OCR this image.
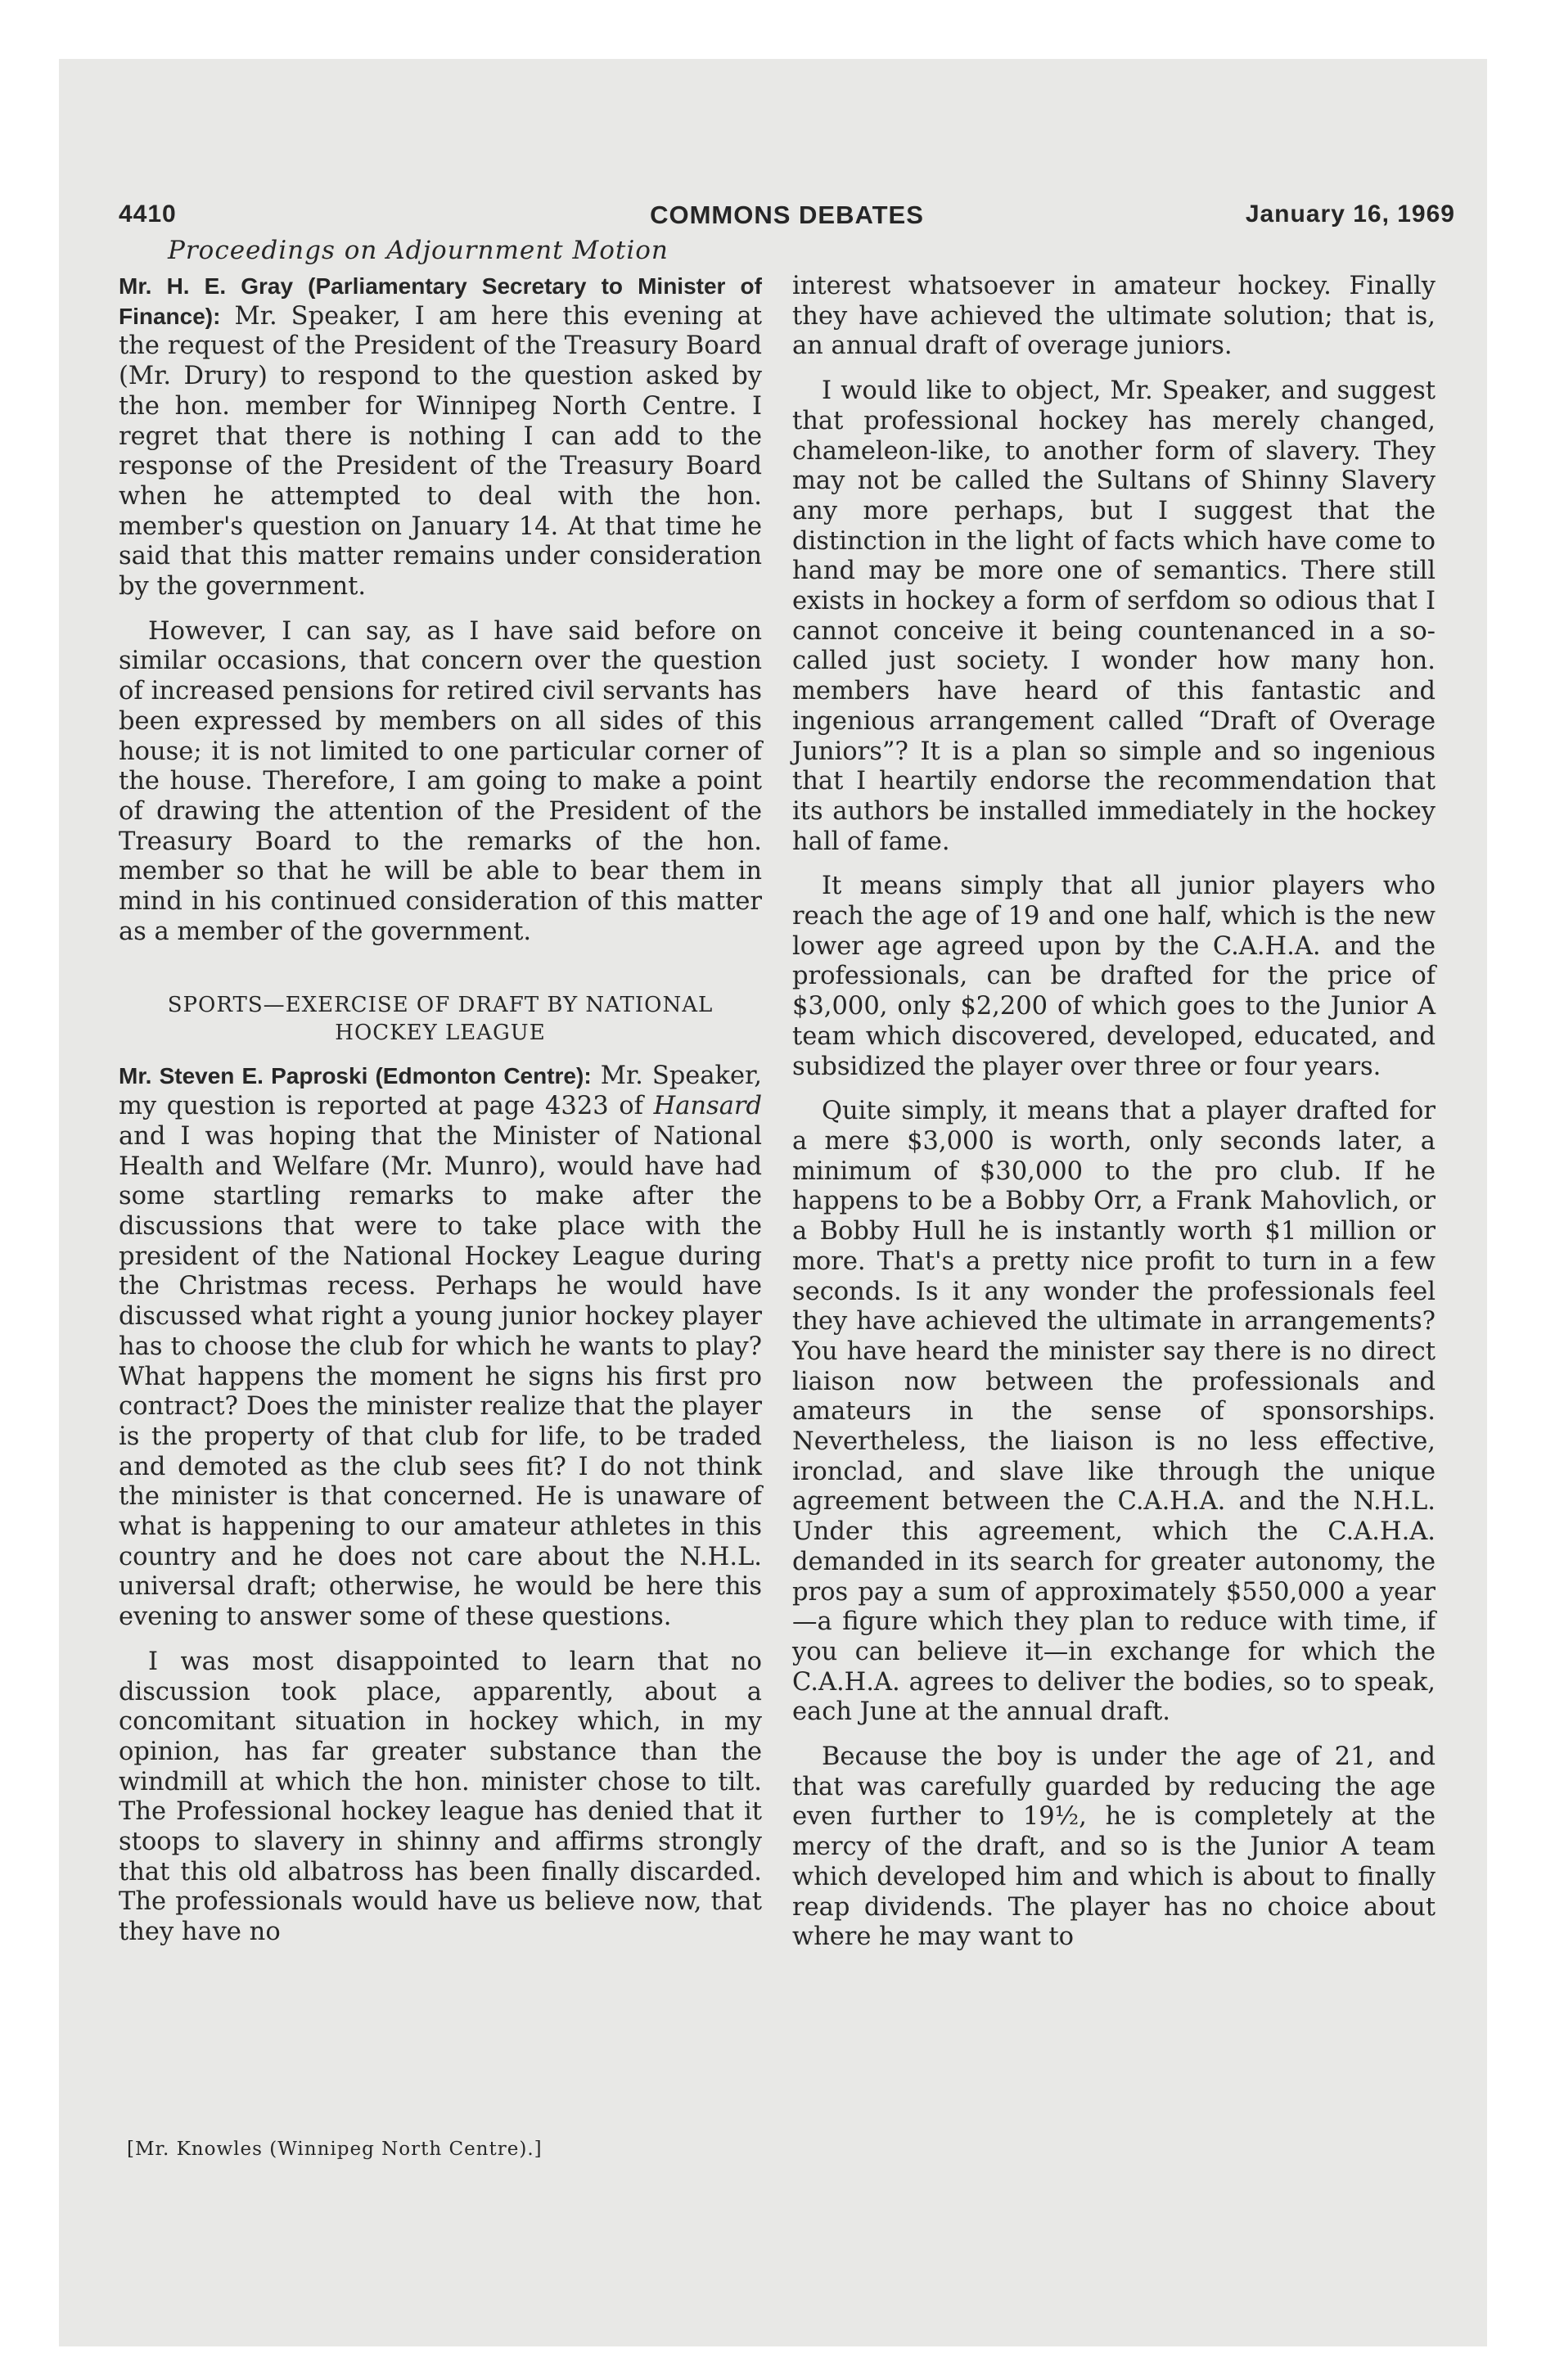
4410	COMMONS DEBATES	January 16, 1969
Proceedings on Adjournment Motion

Mr. H. E. Gray (Parliamentary Secretary to Minister of Finance): Mr. Speaker, I am here this evening at the request of the President of the Treasury Board (Mr. Drury) to respond to the question asked by the hon. member for Winnipeg North Centre. I regret that there is nothing I can add to the response of the President of the Treasury Board when he attempted to deal with the hon. member's question on January 14. At that time he said that this matter remains under consideration by the government.

However, I can say, as I have said before on similar occasions, that concern over the question of increased pensions for retired civil servants has been expressed by members on all sides of this house; it is not limited to one particular corner of the house. Therefore, I am going to make a point of drawing the attention of the President of the Treasury Board to the remarks of the hon. member so that he will be able to bear them in mind in his continued consideration of this matter as a member of the government.

SPORTS—EXERCISE OF DRAFT BY NATIONAL HOCKEY LEAGUE

Mr. Steven E. Paproski (Edmonton Centre): Mr. Speaker, my question is reported at page 4323 of Hansard and I was hoping that the Minister of National Health and Welfare (Mr. Munro), would have had some startling remarks to make after the discussions that were to take place with the president of the National Hockey League during the Christmas recess. Perhaps he would have discussed what right a young junior hockey player has to choose the club for which he wants to play? What happens the moment he signs his first pro contract? Does the minister realize that the player is the property of that club for life, to be traded and demoted as the club sees fit? I do not think the minister is that concerned. He is unaware of what is happening to our amateur athletes in this country and he does not care about the N.H.L. universal draft; otherwise, he would be here this evening to answer some of these questions.

I was most disappointed to learn that no discussion took place, apparently, about a concomitant situation in hockey which, in my opinion, has far greater substance than the windmill at which the hon. minister chose to tilt. The Professional hockey league has denied that it stoops to slavery in shinny and affirms strongly that this old albatross has been finally discarded. The professionals would have us believe now, that they have no

interest whatsoever in amateur hockey. Finally they have achieved the ultimate solution; that is, an annual draft of overage juniors.

I would like to object, Mr. Speaker, and suggest that professional hockey has merely changed, chameleon-like, to another form of slavery. They may not be called the Sultans of Shinny Slavery any more perhaps, but I suggest that the distinction in the light of facts which have come to hand may be more one of semantics. There still exists in hockey a form of serfdom so odious that I cannot conceive it being countenanced in a so-called just society. I wonder how many hon. members have heard of this fantastic and ingenious arrangement called “Draft of Overage Juniors”? It is a plan so simple and so ingenious that I heartily endorse the recommendation that its authors be installed immediately in the hockey hall of fame.

It means simply that all junior players who reach the age of 19 and one half, which is the new lower age agreed upon by the C.A.H.A. and the professionals, can be drafted for the price of $3,000, only $2,200 of which goes to the Junior A team which discovered, developed, educated, and subsidized the player over three or four years.

Quite simply, it means that a player drafted for a mere $3,000 is worth, only seconds later, a minimum of $30,000 to the pro club. If he happens to be a Bobby Orr, a Frank Mahovlich, or a Bobby Hull he is instantly worth $1 million or more. That's a pretty nice profit to turn in a few seconds. Is it any wonder the professionals feel they have achieved the ultimate in arrangements? You have heard the minister say there is no direct liaison now between the professionals and amateurs in the sense of sponsorships. Nevertheless, the liaison is no less effective, ironclad, and slave like through the unique agreement between the C.A.H.A. and the N.H.L. Under this agreement, which the C.A.H.A. demanded in its search for greater autonomy, the pros pay a sum of approximately $550,000 a year—a figure which they plan to reduce with time, if you can believe it—in exchange for which the C.A.H.A. agrees to deliver the bodies, so to speak, each June at the annual draft.

Because the boy is under the age of 21, and that was carefully guarded by reducing the age even further to 19½, he is completely at the mercy of the draft, and so is the Junior A team which developed him and which is about to finally reap dividends. The player has no choice about where he may want to

[Mr. Knowles (Winnipeg North Centre).]
